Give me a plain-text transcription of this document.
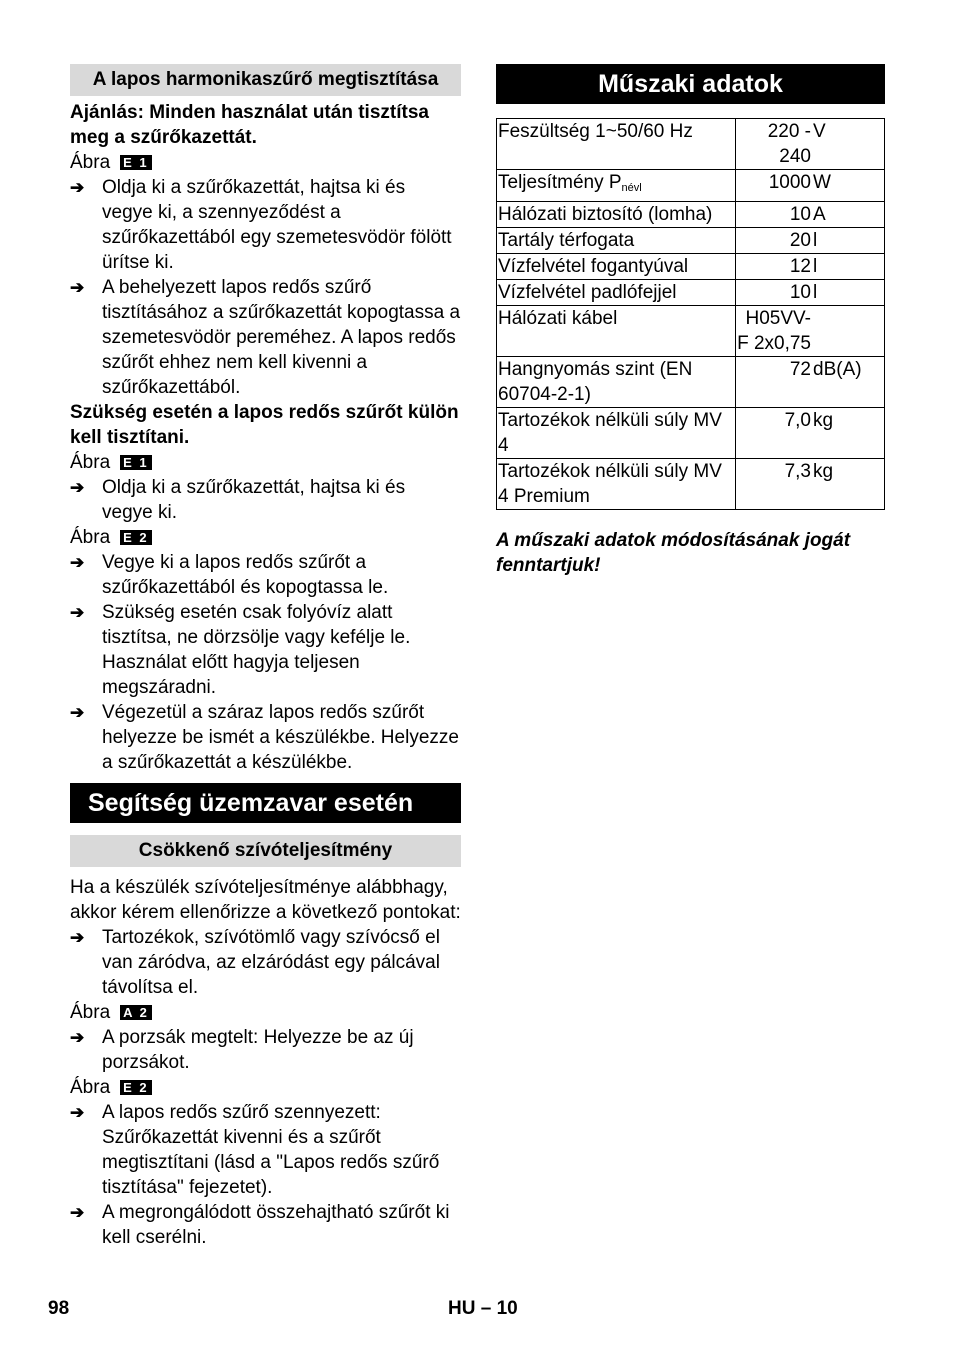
A lapos harmonikaszűrő megtisztítása

Ajánlás: Minden használat után tisztítsa meg a szűrőkazettát.

Ábra E 1
➔ Oldja ki a szűrőkazettát, hajtsa ki és vegye ki, a szennyeződést a szűrőkazettából egy szemetesvödör fölött ürítse ki.
➔ A behelyezett lapos redős szűrő tisztításához a szűrőkazettát kopogtassa a szemetesvödör pereméhez. A lapos redős szűrőt ehhez nem kell kivenni a szűrőkazettából.

Szükség esetén a lapos redős szűrőt külön kell tisztítani.

Ábra E 1
➔ Oldja ki a szűrőkazettát, hajtsa ki és vegye ki.
Ábra E 2
➔ Vegye ki a lapos redős szűrőt a szűrőkazettából és kopogtassa le.
➔ Szükség esetén csak folyóvíz alatt tisztítsa, ne dörzsölje vagy kefélje le. Használat előtt hagyja teljesen megszáradni.
➔ Végezetül a száraz lapos redős szűrőt helyezze be ismét a készülékbe. Helyezze a szűrőkazettát a készülékbe.
Segítség üzemzavar esetén
Csökkenő szívóteljesítmény

Ha a készülék szívóteljesítménye alábbhagy, akkor kérem ellenőrizze a következő pontokat:

➔ Tartozékok, szívótömlő vagy szívócső el van záródva, az elzáródást egy pálcával távolítsa el.
Ábra A 2
➔ A porzsák megtelt: Helyezze be az új porzsákot.
Ábra E 2
➔ A lapos redős szűrő szennyezett: Szűrőkazettát kivenni és a szűrőt megtisztítani (lásd a "Lapos redős szűrő tisztítása" fejezetet).
➔ A megrongálódott összehajtható szűrőt ki kell cserélni.
Műszaki adatok
Feszültség 1~50/60 Hz	220 - 240	V
Teljesítmény $P_{névl}$	1000	W
Hálózati biztosító (lomha)	10	A
Tartály térfogata	20	l
Vízfelvétel fogantyúval	12	l
Vízfelvétel padlófejjel	10	l
Hálózati kábel	H05VV-F 2x0,75	
Hangnyomás szint (EN 60704-2-1)	72	dB(A)
Tartozékok nélküli súly MV 4	7,0	kg
Tartozékok nélküli súly MV 4 Premium	7,3	kg

A műszaki adatok módosításának jogát fenntartjuk!

98	HU – 10
